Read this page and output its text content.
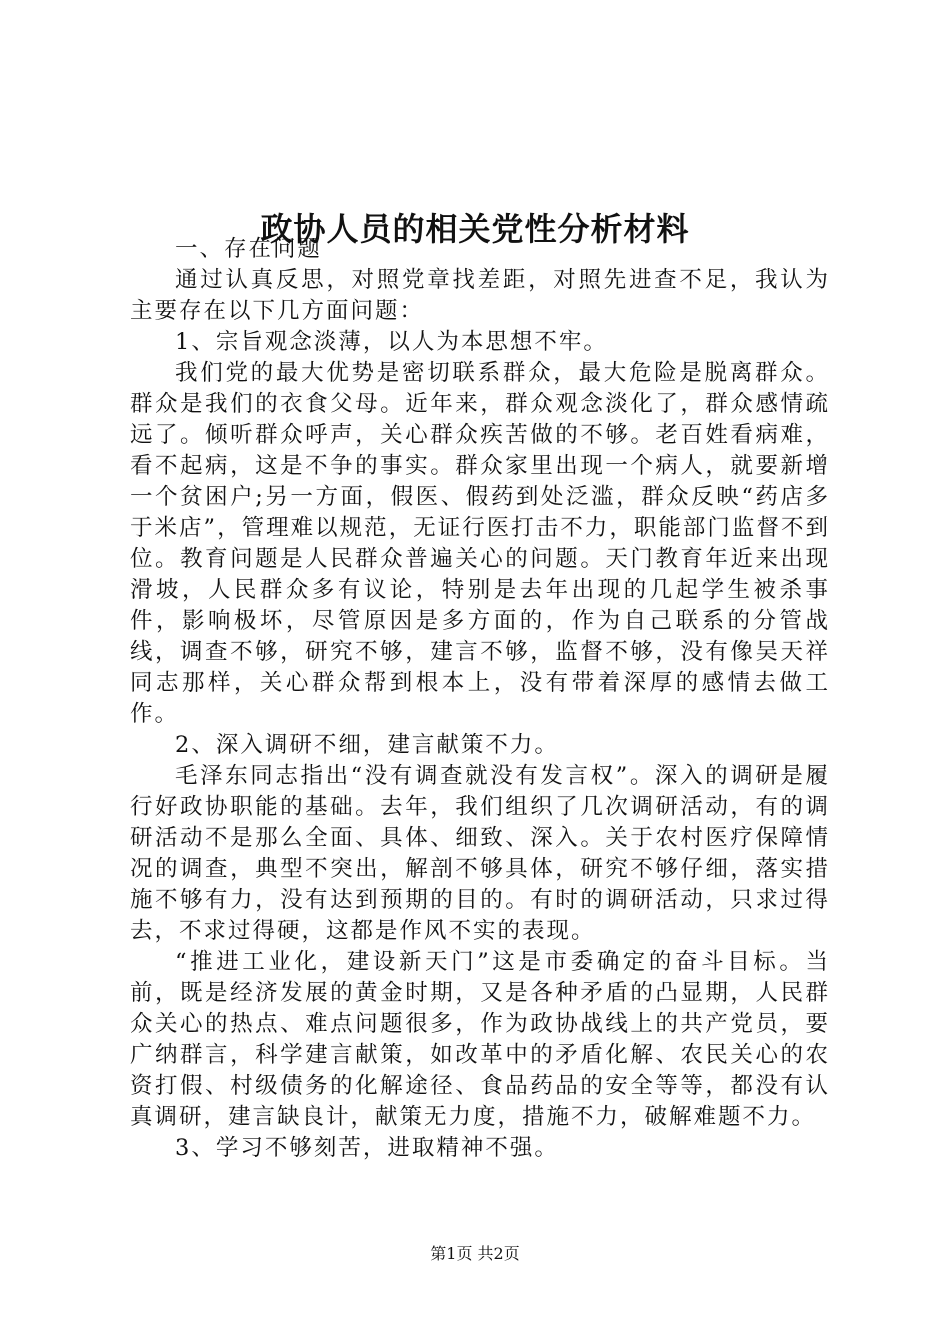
政协人员的相关党性分析材料

一、存在问题

通过认真反思，对照党章找差距，对照先进查不足，我认为主要存在以下几方面问题：

1、宗旨观念淡薄，以人为本思想不牢。

我们党的最大优势是密切联系群众，最大危险是脱离群众。群众是我们的衣食父母。近年来，群众观念淡化了，群众感情疏远了。倾听群众呼声，关心群众疾苦做的不够。老百姓看病难，看不起病，这是不争的事实。群众家里出现一个病人，就要新增一个贫困户;另一方面，假医、假药到处泛滥，群众反映“药店多于米店”，管理难以规范，无证行医打击不力，职能部门监督不到位。教育问题是人民群众普遍关心的问题。天门教育年近来出现滑坡，人民群众多有议论，特别是去年出现的几起学生被杀事件，影响极坏，尽管原因是多方面的，作为自己联系的分管战线，调查不够，研究不够，建言不够，监督不够，没有像吴天祥同志那样，关心群众帮到根本上，没有带着深厚的感情去做工作。

2、深入调研不细，建言献策不力。

毛泽东同志指出“没有调查就没有发言权”。深入的调研是履行好政协职能的基础。去年，我们组织了几次调研活动，有的调研活动不是那么全面、具体、细致、深入。关于农村医疗保障情况的调查，典型不突出，解剖不够具体，研究不够仔细，落实措施不够有力，没有达到预期的目的。有时的调研活动，只求过得去，不求过得硬，这都是作风不实的表现。

“推进工业化，建设新天门”这是市委确定的奋斗目标。当前，既是经济发展的黄金时期，又是各种矛盾的凸显期，人民群众关心的热点、难点问题很多，作为政协战线上的共产党员，要广纳群言，科学建言献策，如改革中的矛盾化解、农民关心的农资打假、村级债务的化解途径、食品药品的安全等等，都没有认真调研，建言缺良计，献策无力度，措施不力，破解难题不力。

3、学习不够刻苦，进取精神不强。

第1页 共2页
